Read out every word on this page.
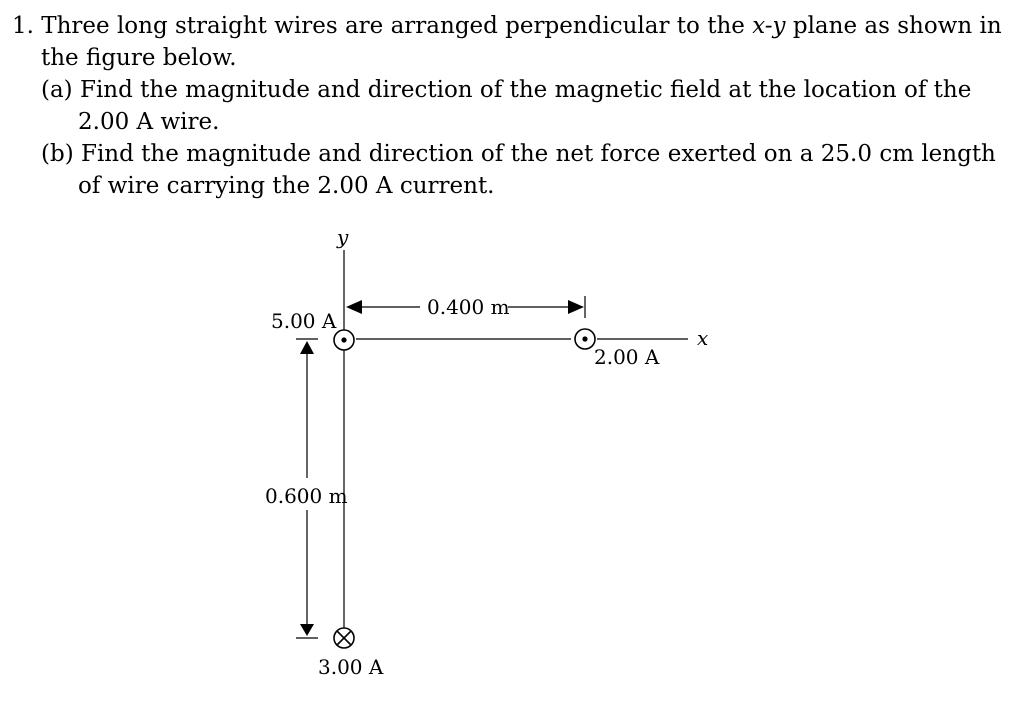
1. Three long straight wires are arranged perpendicular to the x-y plane as shown in
the figure below.
(a) Find the magnitude and direction of the magnetic field at the location of the
2.00 A wire.
(b) Find the magnitude and direction of the net force exerted on a 25.0 cm length
of wire carrying the 2.00 A current.
y
x
0.400 m
0.600 m
5.00 A
2.00 A
3.00 A
